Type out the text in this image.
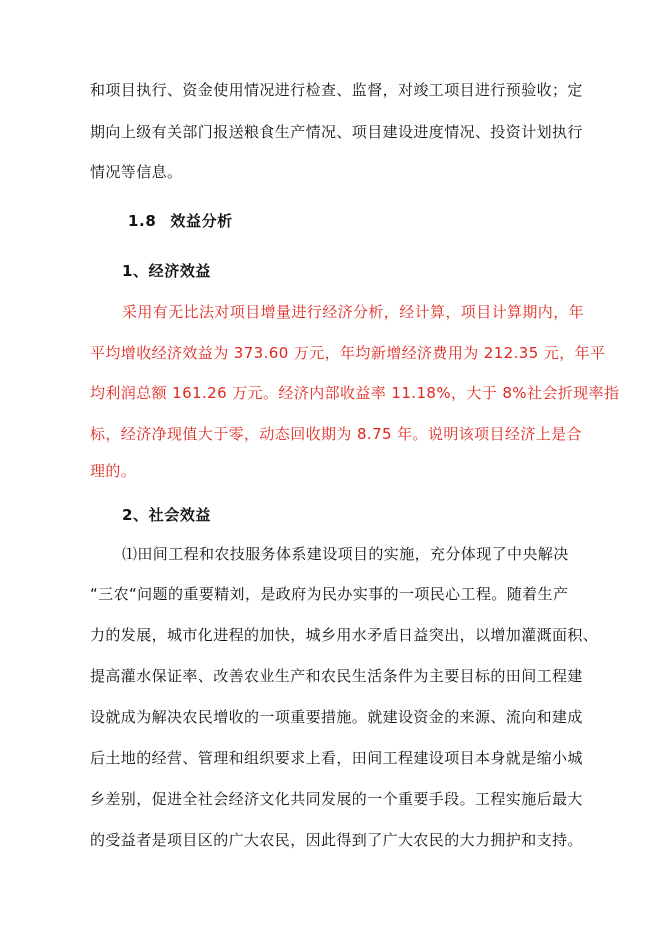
和项目执行、资金使用情况进行检查、监督，对竣工项目进行预验收；定
期向上级有关部门报送粮食生产情况、项目建设进度情况、投资计划执行
情况等信息。
1.8 效益分析
1、经济效益
采用有无比法对项目增量进行经济分析，经计算，项目计算期内，年
平均增收经济效益为 373.60 万元，年均新增经济费用为 212.35 元，年平
均利润总额 161.26 万元。经济内部收益率 11.18%，大于 8%社会折现率指
标，经济净现值大于零，动态回收期为 8.75 年。说明该项目经济上是合
理的。
2、社会效益
⑴田间工程和农技服务体系建设项目的实施，充分体现了中央解决
“三农“问题的重要精刘，是政府为民办实事的一项民心工程。随着生产
力的发展，城市化进程的加快，城乡用水矛盾日益突出，以增加灌溉面积、
提高灌水保证率、改善农业生产和农民生活条件为主要目标的田间工程建
设就成为解决农民增收的一项重要措施。就建设资金的来源、流向和建成
后土地的经营、管理和组织要求上看，田间工程建设项目本身就是缩小城
乡差别，促进全社会经济文化共同发展的一个重要手段。工程实施后最大
的受益者是项目区的广大农民，因此得到了广大农民的大力拥护和支持。
